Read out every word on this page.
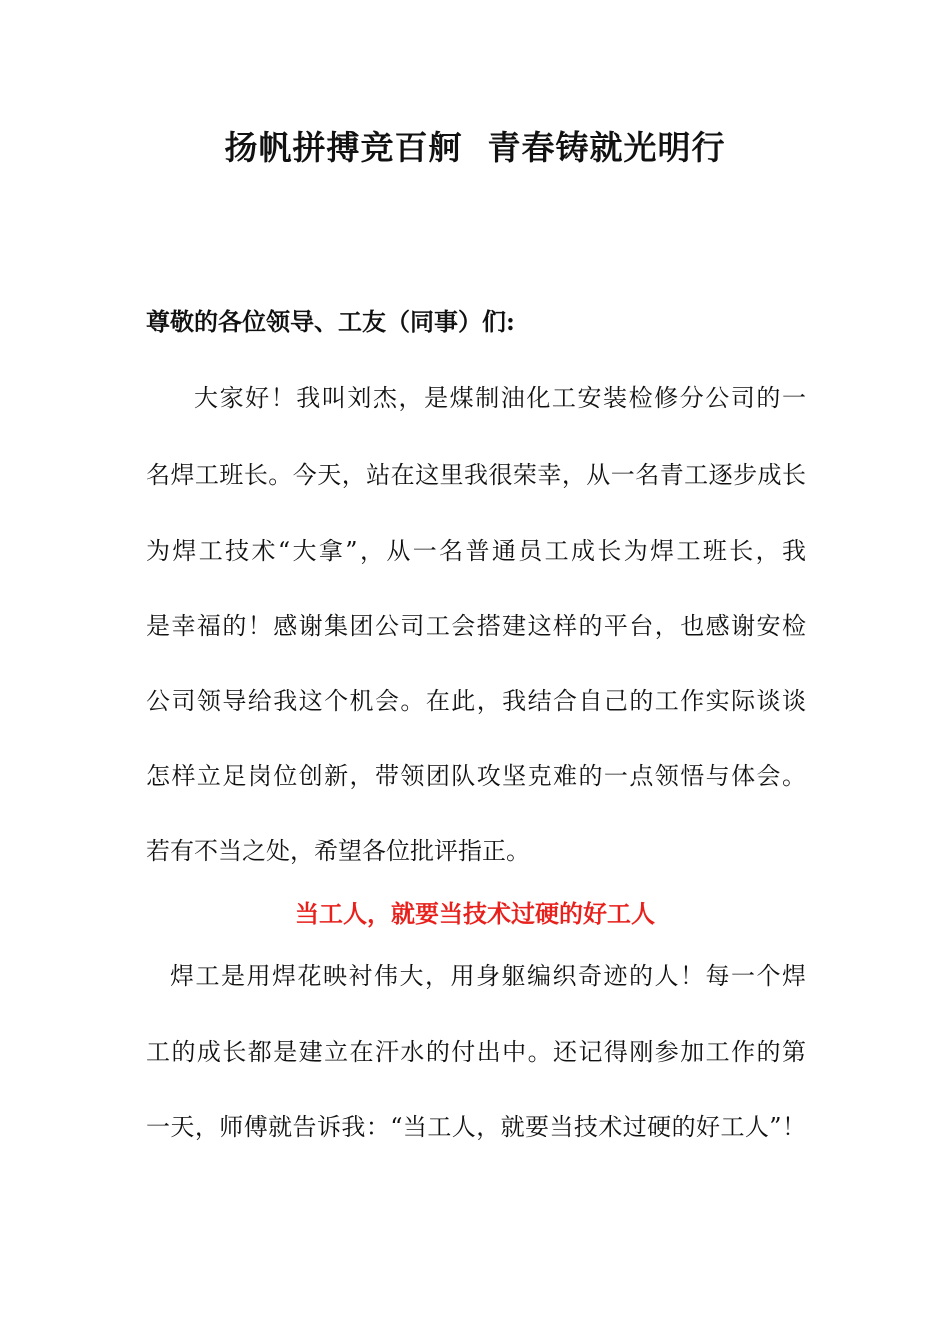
扬帆拼搏竞百舸  青春铸就光明行
尊敬的各位领导、工友（同事）们:
大家好！我叫刘杰，是煤制油化工安装检修分公司的一
名焊工班长。今天，站在这里我很荣幸，从一名青工逐步成长
为焊工技术“大拿”，从一名普通员工成长为焊工班长，我
是幸福的！感谢集团公司工会搭建这样的平台，也感谢安检
公司领导给我这个机会。在此，我结合自己的工作实际谈谈
怎样立足岗位创新，带领团队攻坚克难的一点领悟与体会。
若有不当之处，希望各位批评指正。
当工人，就要当技术过硬的好工人
焊工是用焊花映衬伟大，用身躯编织奇迹的人！每一个焊
工的成长都是建立在汗水的付出中。还记得刚参加工作的第
一天，师傅就告诉我：“当工人，就要当技术过硬的好工人”！
